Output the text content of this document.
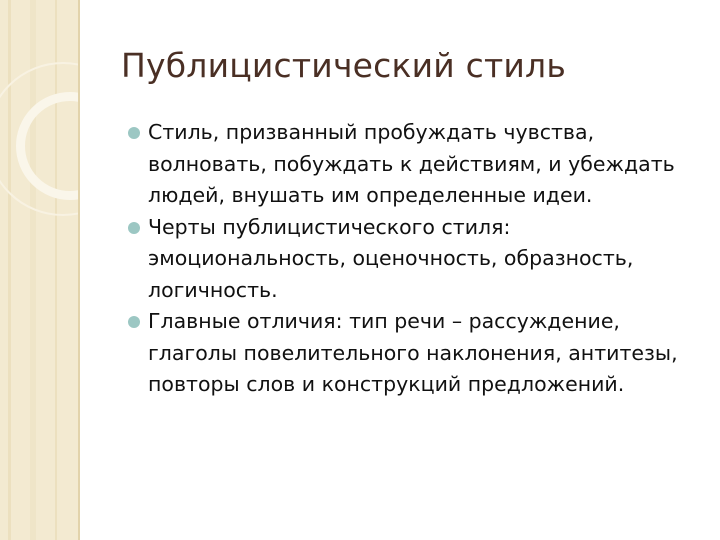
Публицистический стиль
Стиль, призванный пробуждать чувства, волновать, побуждать к действиям, и убеждать людей, внушать им определенные идеи.
Черты публицистического стиля: эмоциональность, оценочность, образность, логичность.
Главные отличия: тип речи – рассуждение, глаголы повелительного наклонения, антитезы, повторы слов и конструкций предложений.
